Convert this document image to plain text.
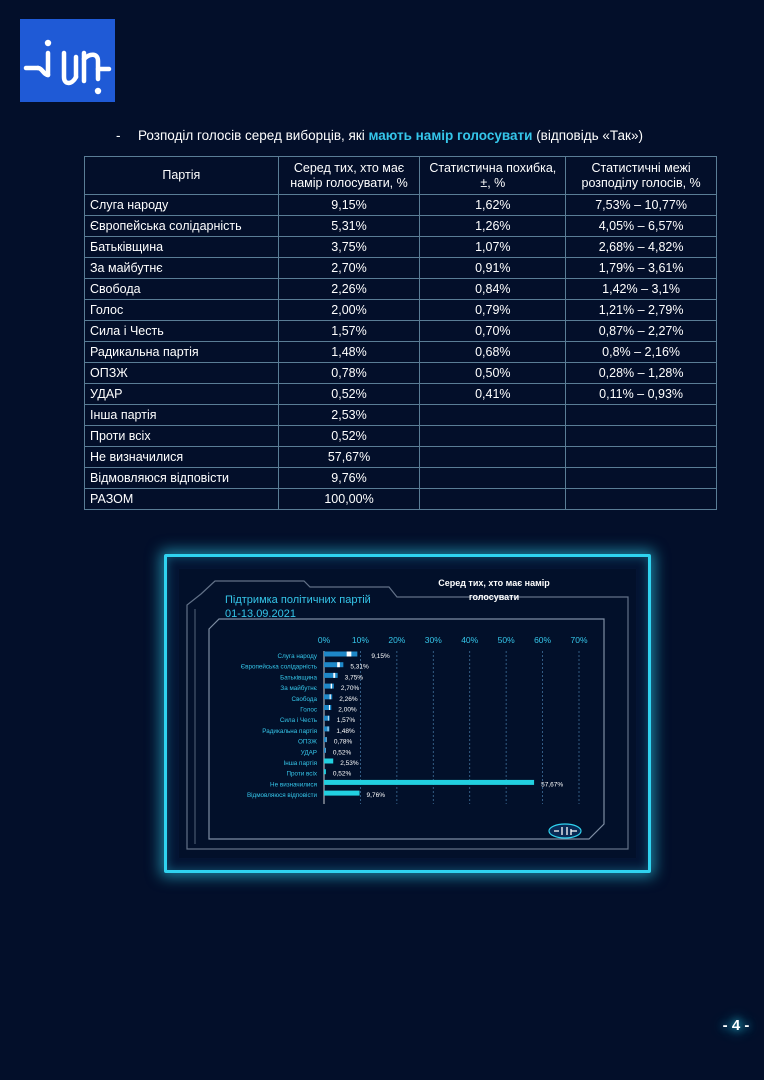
- Розподіл голосів серед виборців, які мають намір голосувати (відповідь «Так»)
Партія	Серед тих, хто має намір голосувати, %	Статистична похибка, ±, %	Статистичні межі розподілу голосів, %
Слуга народу	9,15%	1,62%	7,53% – 10,77%
Європейська солідарність	5,31%	1,26%	4,05% – 6,57%
Батьківщина	3,75%	1,07%	2,68% – 4,82%
За майбутнє	2,70%	0,91%	1,79% – 3,61%
Свобода	2,26%	0,84%	1,42% – 3,1%
Голос	2,00%	0,79%	1,21% – 2,79%
Сила і Честь	1,57%	0,70%	0,87% – 2,27%
Радикальна партія	1,48%	0,68%	0,8% – 2,16%
ОПЗЖ	0,78%	0,50%	0,28% – 1,28%
УДАР	0,52%	0,41%	0,11% – 0,93%
Інша партія	2,53%		
Проти всіх	0,52%		
Не визначилися	57,67%		
Відмовляюся відповісти	9,76%		
РАЗОМ	100,00%		
Серед тих, хто має намір
голосувати
Підтримка політичних партій
01-13.09.2021
0%	10% 20% 30% 40% 50% 60% 70%
Слуга народу
Європейська солідарність
Батьківщина
За майбутнє
Свобода
Голос
Сила і Честь
Радикальна партія
ОПЗЖ
УДАР
Інша партія
Проти всіх
Не визначилися
Відмовляюся відповісти
9,15%
5,31%
3,75%
2,70%
2,26%
2,00%
1,57%
1,48%
0,78%
0,52%
2,53%
0,52%
57,67%
9,76%
- 4 -
